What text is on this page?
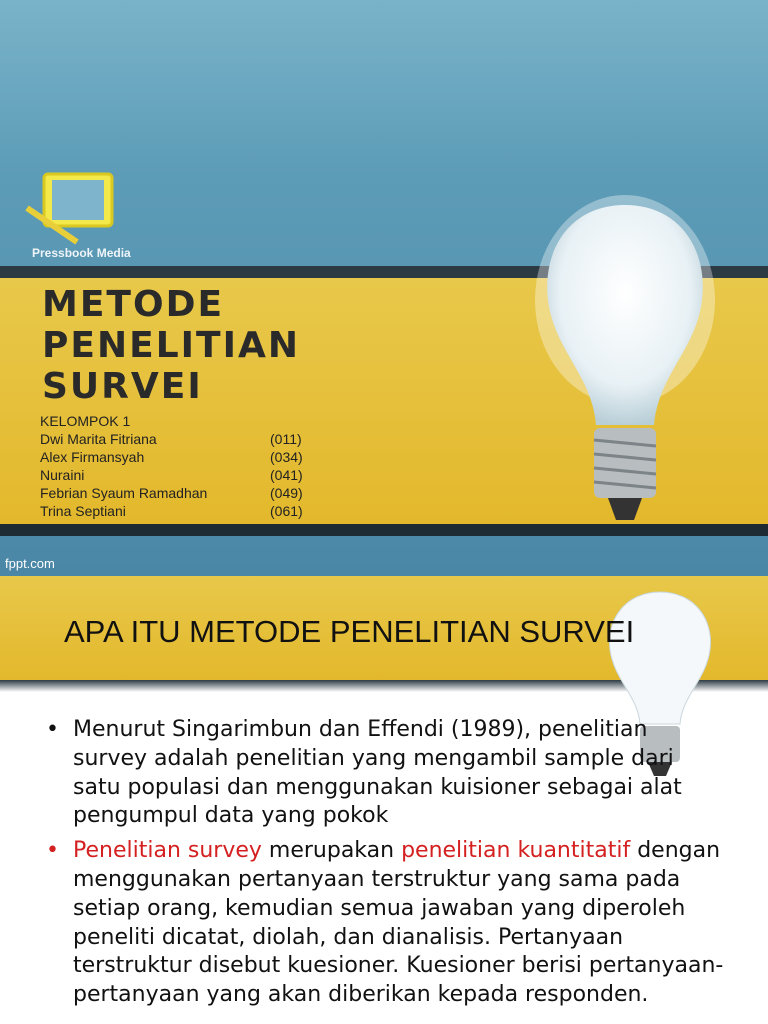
Pressbook Media
METODE
PENELITIAN
SURVEI
KELOMPOK 1
Dwi Marita Fitriana	(011)
Alex Firmansyah	(034)
Nuraini	(041)
Febrian Syaum Ramadhan	(049)
Trina Septiani	(061)
fppt.com
APA ITU METODE PENELITIAN SURVEI
• Menurut Singarimbun dan Effendi (1989), penelitian survey adalah penelitian yang mengambil sample dari satu populasi dan menggunakan kuisioner sebagai alat pengumpul data yang pokok
• Penelitian survey merupakan penelitian kuantitatif dengan menggunakan pertanyaan terstruktur yang sama pada setiap orang, kemudian semua jawaban yang diperoleh peneliti dicatat, diolah, dan dianalisis. Pertanyaan terstruktur disebut kuesioner. Kuesioner berisi pertanyaan-pertanyaan yang akan diberikan kepada responden.
